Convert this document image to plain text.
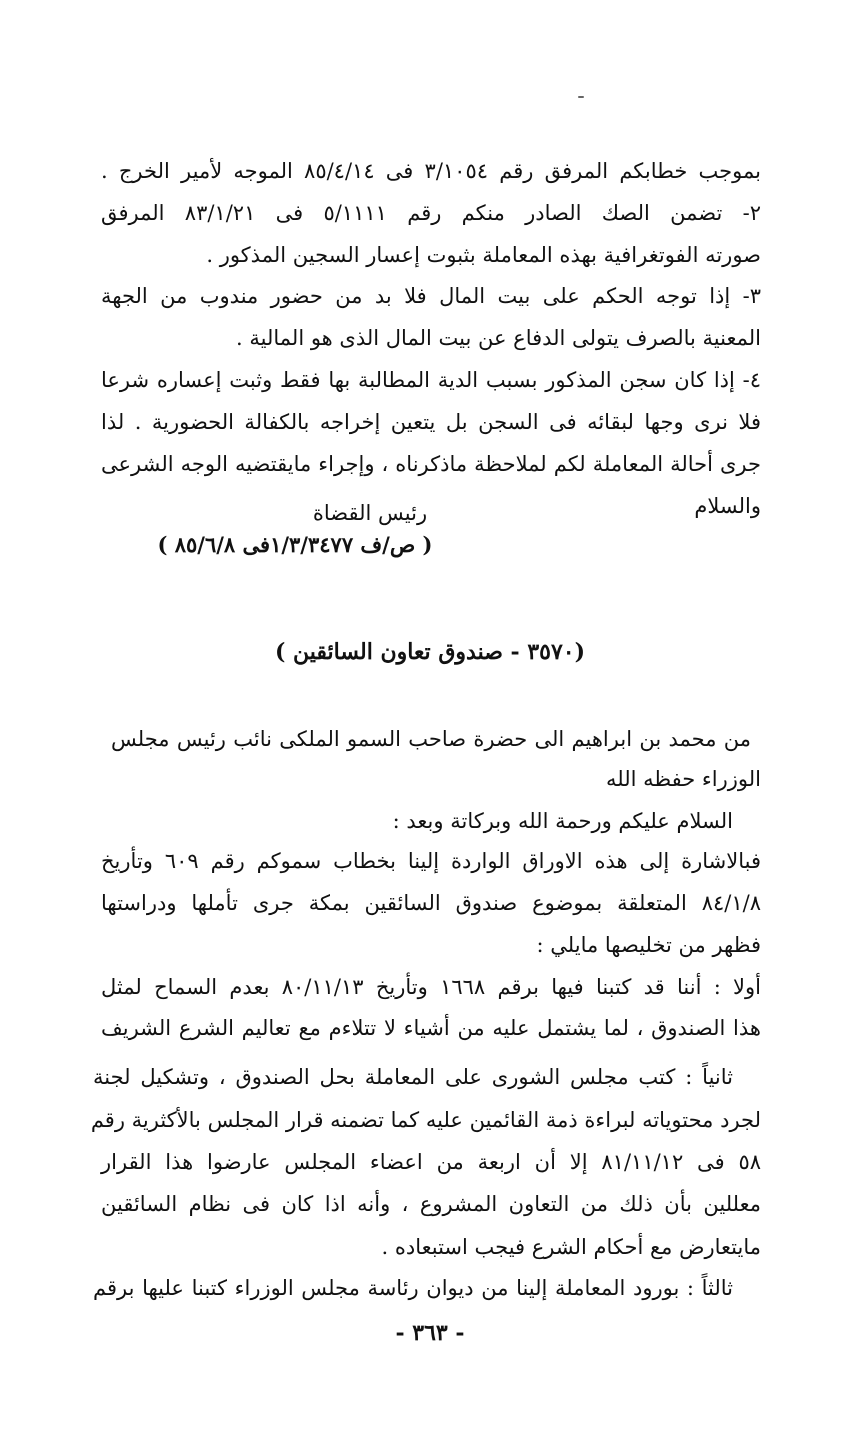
بموجب خطابكم المرفق رقم ٣/١٠٥٤ فى ٨٥/٤/١٤ الموجه لأمير الخرج .
٢- تضمن الصك الصادر منكم رقم ٥/١١١١ فى ٨٣/١/٢١ المرفق
صورته الفوتغرافية بهذه المعاملة بثبوت إعسار السجين المذكور .
٣- إذا توجه الحكم على بيت المال فلا بد من حضور مندوب من الجهة
المعنية بالصرف يتولى الدفاع عن بيت المال الذى هو المالية .
٤- إذا كان سجن المذكور بسبب الدية المطالبة بها فقط وثبت إعساره شرعا
فلا نرى وجها لبقائه فى السجن بل يتعين إخراجه بالكفالة الحضورية . لذا
جرى أحالة المعاملة لكم لملاحظة ماذكرناه ، وإجراء مايقتضيه الوجه الشرعى
والسلام
رئيس القضاة
( ص/ف ١/٣/٣٤٧٧فى ٨٥/٦/٨ )
(٣٥٧٠ - صندوق تعاون السائقين )
من محمد بن ابراهيم الى حضرة صاحب السمو الملكى نائب رئيس مجلس
الوزراء حفظه الله
السلام عليكم ورحمة الله وبركاتة وبعد :
فبالاشارة إلى هذه الاوراق الواردة إلينا بخطاب سموكم رقم ٦٠٩ وتأريخ
٨٤/١/٨ المتعلقة بموضوع صندوق السائقين بمكة جرى تأملها ودراستها
فظهر من تخليصها مايلي :
أولا : أننا قد كتبنا فيها برقم ١٦٦٨ وتأريخ ٨٠/١١/١٣ بعدم السماح لمثل
هذا الصندوق ، لما يشتمل عليه من أشياء لا تتلاءم مع تعاليم الشرع الشريف
ثانياً : كتب مجلس الشورى على المعاملة بحل الصندوق ، وتشكيل لجنة
لجرد محتوياته لبراءة ذمة القائمين عليه كما تضمنه قرار المجلس بالأكثرية رقم
٥٨ فى ٨١/١١/١٢ إلا أن اربعة من اعضاء المجلس عارضوا هذا القرار
معللين بأن ذلك من التعاون المشروع ، وأنه اذا كان فى نظام السائقين
مايتعارض مع أحكام الشرع فيجب استبعاده .
ثالثاً : بورود المعاملة إلينا من ديوان رئاسة مجلس الوزراء كتبنا عليها برقم
- ٣٦٣ -
